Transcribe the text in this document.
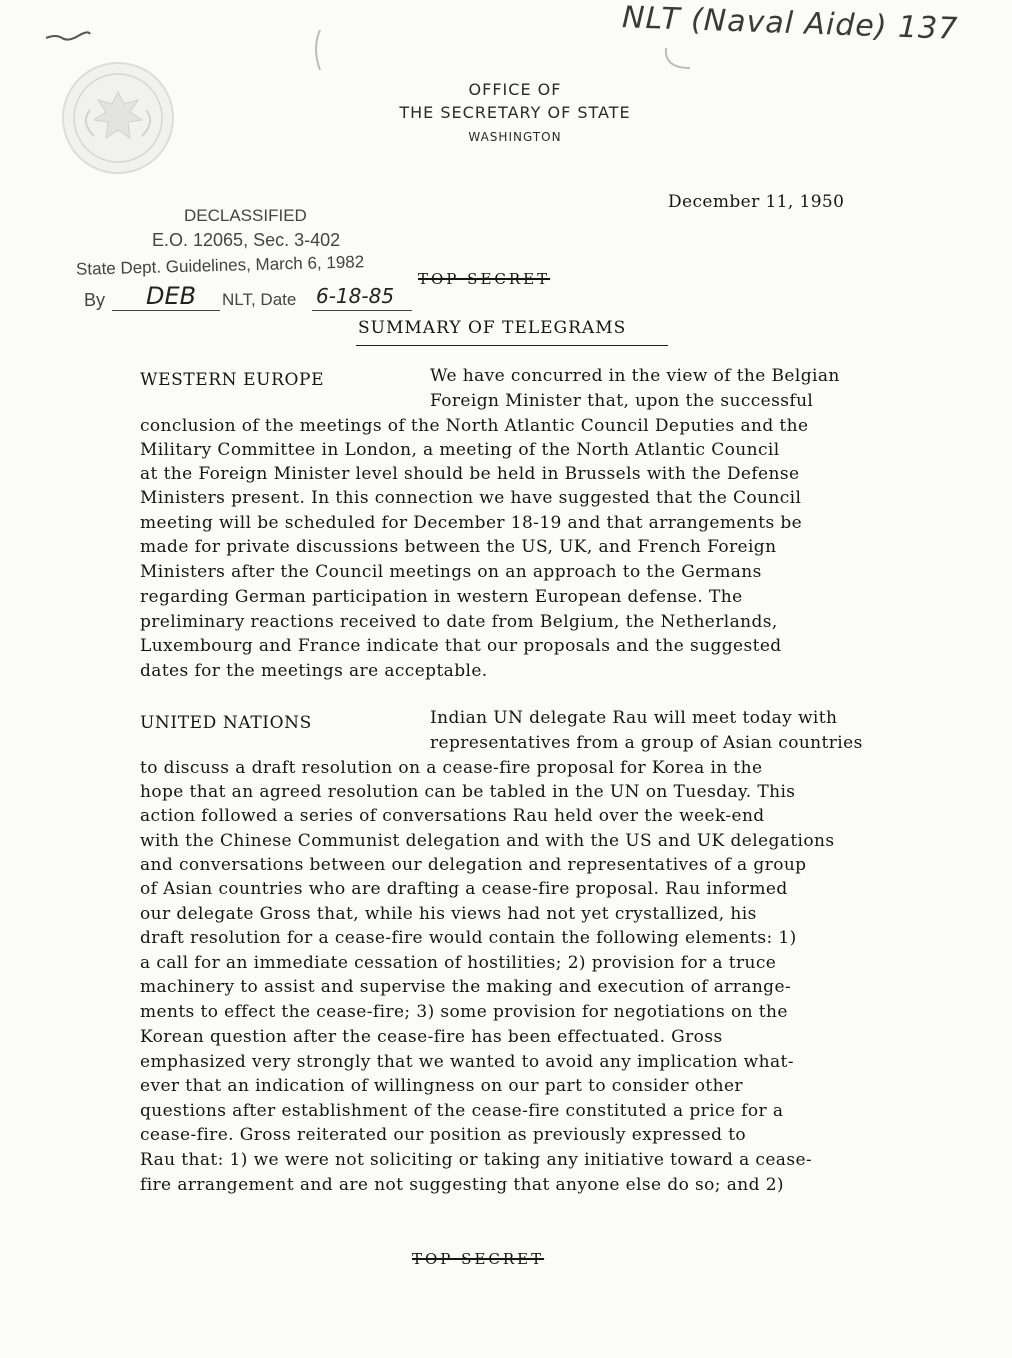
NLT (Naval Aide) 137
OFFICE OF
THE SECRETARY OF STATE
WASHINGTON
December 11, 1950
DECLASSIFIED
E.O. 12065, Sec. 3-402
State Dept. Guidelines, March 6, 1982
By DEB NLT, Date 6-18-85
TOP SECRET
SUMMARY OF TELEGRAMS
WESTERN EUROPE	We have concurred in the view of the Belgian
Foreign Minister that, upon the successful
conclusion of the meetings of the North Atlantic Council Deputies and the
Military Committee in London, a meeting of the North Atlantic Council
at the Foreign Minister level should be held in Brussels with the Defense
Ministers present. In this connection we have suggested that the Council
meeting will be scheduled for December 18-19 and that arrangements be
made for private discussions between the US, UK, and French Foreign
Ministers after the Council meetings on an approach to the Germans
regarding German participation in western European defense. The
preliminary reactions received to date from Belgium, the Netherlands,
Luxembourg and France indicate that our proposals and the suggested
dates for the meetings are acceptable.
UNITED NATIONS	Indian UN delegate Rau will meet today with
representatives from a group of Asian countries
to discuss a draft resolution on a cease-fire proposal for Korea in the
hope that an agreed resolution can be tabled in the UN on Tuesday. This
action followed a series of conversations Rau held over the week-end
with the Chinese Communist delegation and with the US and UK delegations
and conversations between our delegation and representatives of a group
of Asian countries who are drafting a cease-fire proposal. Rau informed
our delegate Gross that, while his views had not yet crystallized, his
draft resolution for a cease-fire would contain the following elements: 1)
a call for an immediate cessation of hostilities; 2) provision for a truce
machinery to assist and supervise the making and execution of arrange-
ments to effect the cease-fire; 3) some provision for negotiations on the
Korean question after the cease-fire has been effectuated. Gross
emphasized very strongly that we wanted to avoid any implication what-
ever that an indication of willingness on our part to consider other
questions after establishment of the cease-fire constituted a price for a
cease-fire. Gross reiterated our position as previously expressed to
Rau that: 1) we were not soliciting or taking any initiative toward a cease-
fire arrangement and are not suggesting that anyone else do so; and 2)
TOP SECRET
